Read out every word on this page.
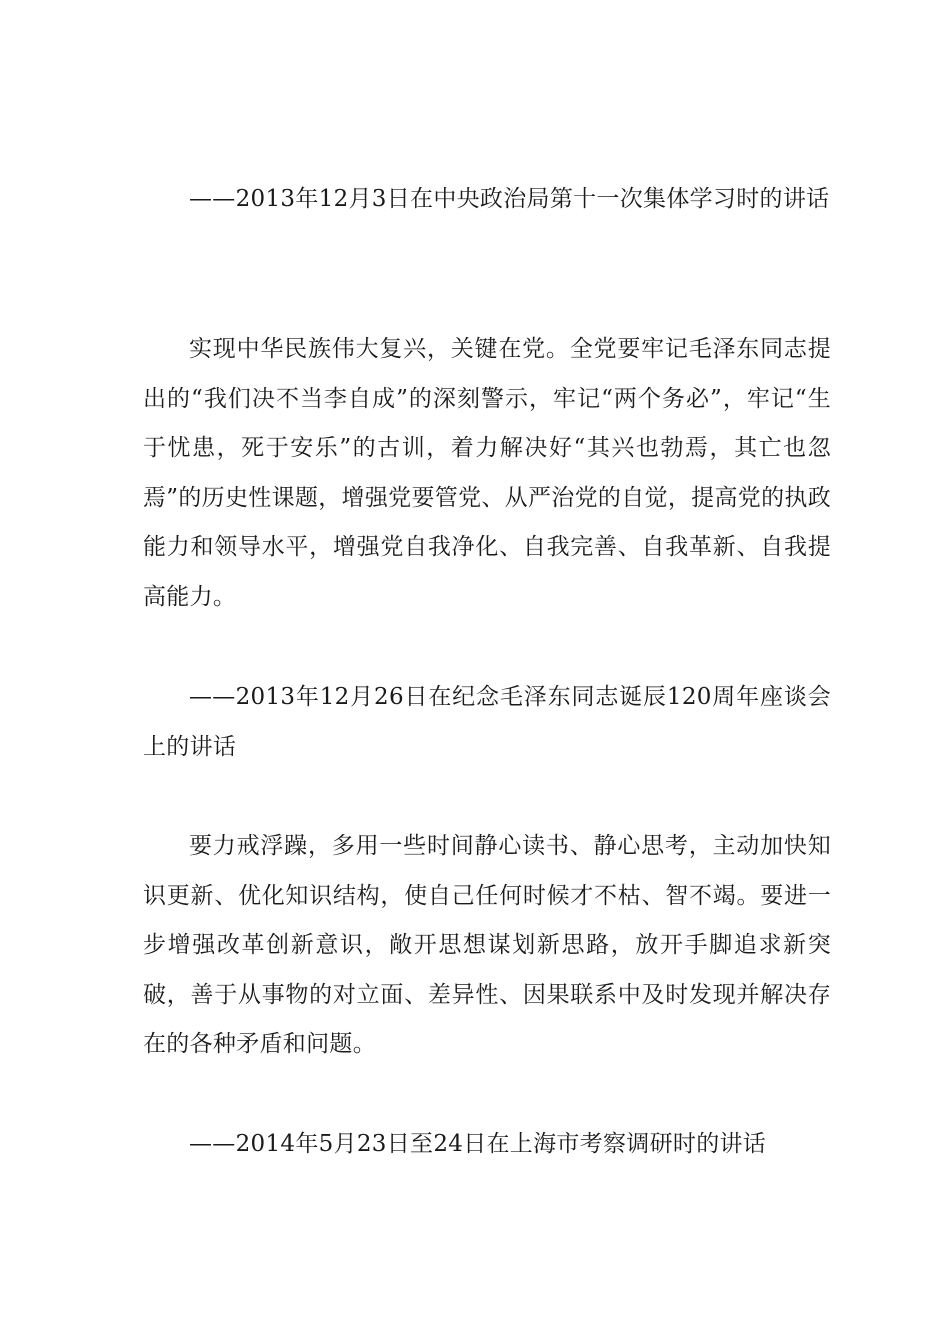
——2013年12月3日在中央政治局第十一次集体学习时的讲话

实现中华民族伟大复兴，关键在党。全党要牢记毛泽东同志提出的“我们决不当李自成”的深刻警示，牢记“两个务必”，牢记“生于忧患，死于安乐”的古训，着力解决好“其兴也勃焉，其亡也忽焉”的历史性课题，增强党要管党、从严治党的自觉，提高党的执政能力和领导水平，增强党自我净化、自我完善、自我革新、自我提高能力。

——2013年12月26日在纪念毛泽东同志诞辰120周年座谈会上的讲话

要力戒浮躁，多用一些时间静心读书、静心思考，主动加快知识更新、优化知识结构，使自己任何时候才不枯、智不竭。要进一步增强改革创新意识，敞开思想谋划新思路，放开手脚追求新突破，善于从事物的对立面、差异性、因果联系中及时发现并解决存在的各种矛盾和问题。

——2014年5月23日至24日在上海市考察调研时的讲话
